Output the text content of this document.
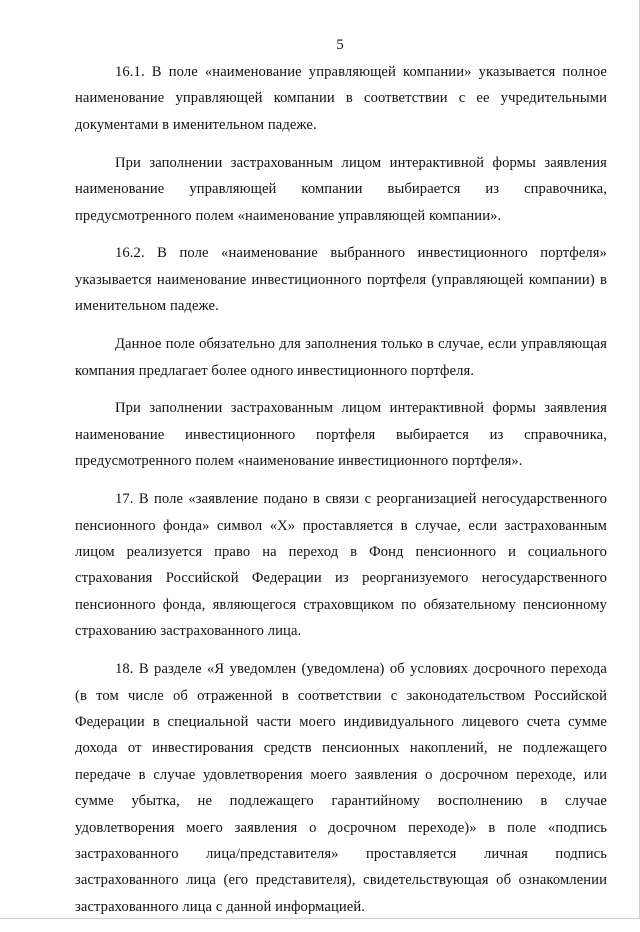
5

16.1. В поле «наименование управляющей компании» указывается полное наименование управляющей компании в соответствии с ее учредительными документами в именительном падеже.

При заполнении застрахованным лицом интерактивной формы заявления наименование управляющей компании выбирается из справочника, предусмотренного полем «наименование управляющей компании».

16.2. В поле «наименование выбранного инвестиционного портфеля» указывается наименование инвестиционного портфеля (управляющей компании) в именительном падеже.

Данное поле обязательно для заполнения только в случае, если управляющая компания предлагает более одного инвестиционного портфеля.

При заполнении застрахованным лицом интерактивной формы заявления наименование инвестиционного портфеля выбирается из справочника, предусмотренного полем «наименование инвестиционного портфеля».

17. В поле «заявление подано в связи с реорганизацией негосударственного пенсионного фонда» символ «X» проставляется в случае, если застрахованным лицом реализуется право на переход в Фонд пенсионного и социального страхования Российской Федерации из реорганизуемого негосударственного пенсионного фонда, являющегося страховщиком по обязательному пенсионному страхованию застрахованного лица.

18. В разделе «Я уведомлен (уведомлена) об условиях досрочного перехода (в том числе об отраженной в соответствии с законодательством Российской Федерации в специальной части моего индивидуального лицевого счета сумме дохода от инвестирования средств пенсионных накоплений, не подлежащего передаче в случае удовлетворения моего заявления о досрочном переходе, или сумме убытка, не подлежащего гарантийному восполнению в случае удовлетворения моего заявления о досрочном переходе)» в поле «подпись застрахованного лица/представителя» проставляется личная подпись застрахованного лица (его представителя), свидетельствующая об ознакомлении застрахованного лица с данной информацией.
